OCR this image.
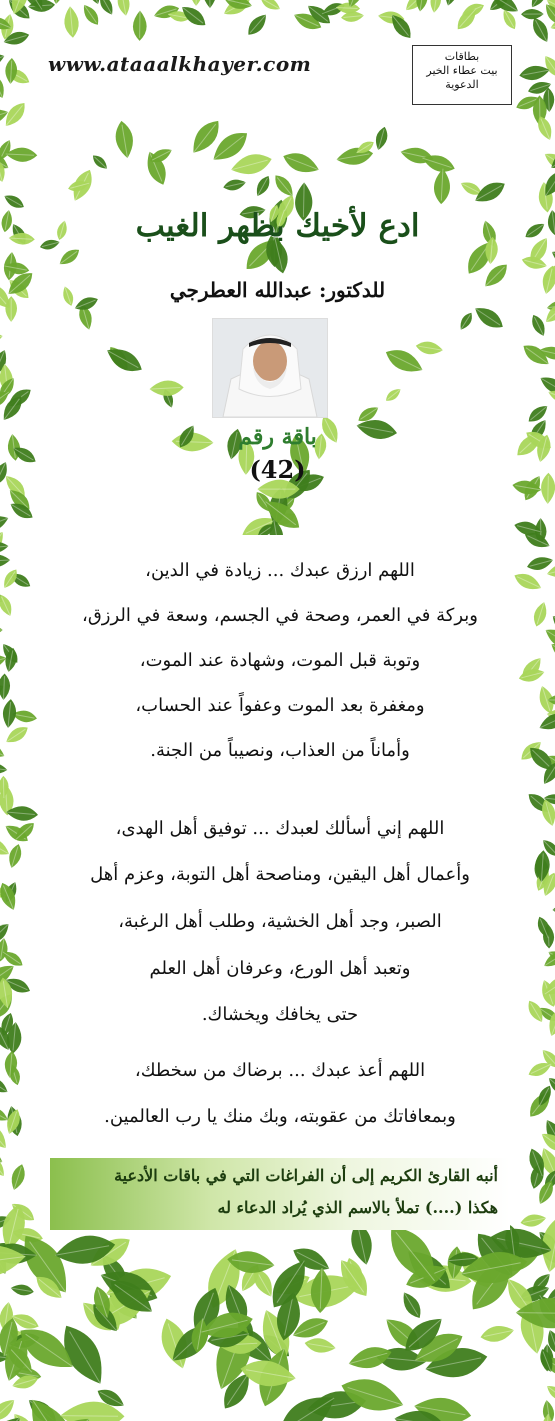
www.ataaalkhayer.com	بطاقات
بيت عطاء الخير
الدعوية
ادع لأخيك بظهر الغيب
للدكتور: عبدالله العطرجي
باقة رقم
(42)
اللهم ارزق عبدك ... زيادة في الدين،
وبركة في العمر، وصحة في الجسم، وسعة في الرزق،
وتوبة قبل الموت، وشهادة عند الموت،
ومغفرة بعد الموت وعفواً عند الحساب،
وأماناً من العذاب، ونصيباً من الجنة.
اللهم إني أسألك لعبدك ... توفيق أهل الهدى،
وأعمال أهل اليقين، ومناصحة أهل التوبة، وعزم أهل
الصبر، وجد أهل الخشية، وطلب أهل الرغبة،
وتعبد أهل الورع، وعرفان أهل العلم
حتى يخافك ويخشاك.
اللهم أعذ عبدك ... برضاك من سخطك،
وبمعافاتك من عقوبته، وبك منك يا رب العالمين.
أنبه القارئ الكريم إلى أن الفراغات التي في باقات الأدعية
هكذا (....) تملأ بالاسم الذي يُراد الدعاء له
